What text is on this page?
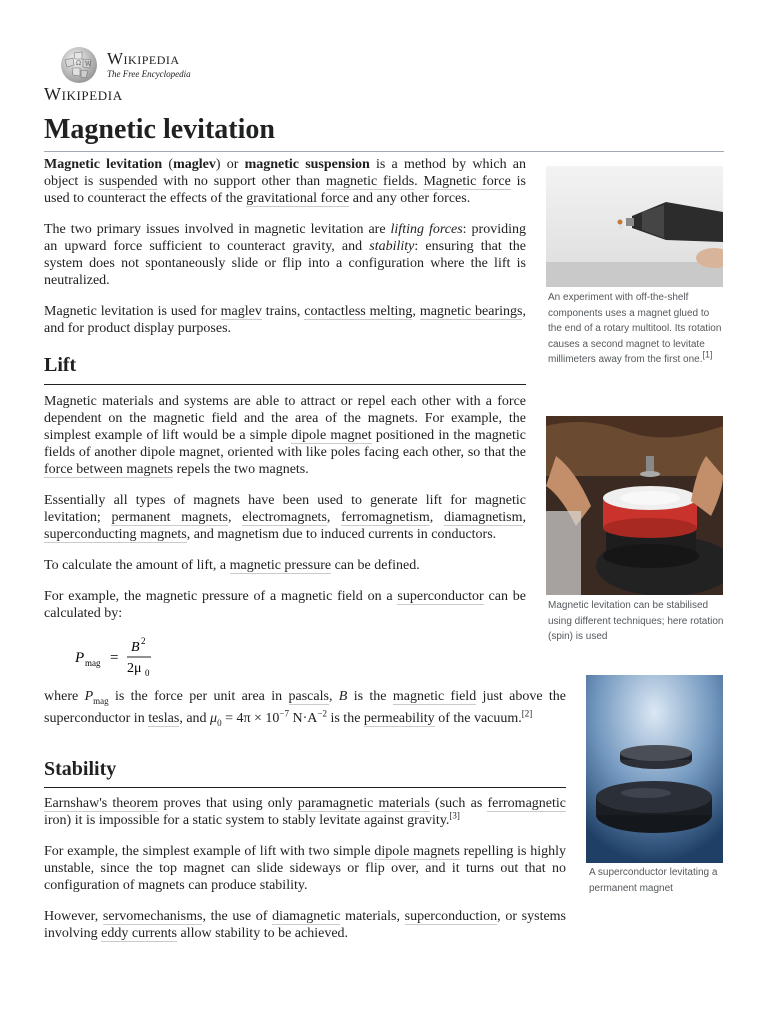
Ω W Wikipedia
The Free Encyclopedia
Wikipedia
Magnetic levitation

Magnetic levitation (maglev) or magnetic suspension is a method by which an object is suspended with no support other than magnetic fields. Magnetic force is used to counteract the effects of the gravitational force and any other forces.

The two primary issues involved in magnetic levitation are lifting forces: providing an upward force sufficient to counteract gravity, and stability: ensuring that the system does not spontaneously slide or flip into a configuration where the lift is neutralized.

Magnetic levitation is used for maglev trains, contactless melting, magnetic bearings, and for product display purposes.

Lift

Magnetic materials and systems are able to attract or repel each other with a force dependent on the magnetic field and the area of the magnets. For example, the simplest example of lift would be a simple dipole magnet positioned in the magnetic fields of another dipole magnet, oriented with like poles facing each other, so that the force between magnets repels the two magnets.

Essentially all types of magnets have been used to generate lift for magnetic levitation; permanent magnets, electromagnets, ferromagnetism, diamagnetism, superconducting magnets, and magnetism due to induced currents in conductors.

To calculate the amount of lift, a magnetic pressure can be defined.

For example, the magnetic pressure of a magnetic field on a superconductor can be calculated by:

P mag =
B 2
2μ 0

where $P_{mag}$ is the force per unit area in pascals, B is the magnetic field just above the superconductor in teslas, and $\mu_0 = 4\pi \times 10^{-7}$ $N\cdot A^{-2}$ is the permeability of the vacuum.[2]

Stability

Earnshaw's theorem proves that using only paramagnetic materials (such as ferromagnetic iron) it is impossible for a static system to stably levitate against gravity.[3]

For example, the simplest example of lift with two simple dipole magnets repelling is highly unstable, since the top magnet can slide sideways or flip over, and it turns out that no configuration of magnets can produce stability.

However, servomechanisms, the use of diamagnetic materials, superconduction, or systems involving eddy currents allow stability to be achieved.

An experiment with off-the-shelf components uses a magnet glued to the end of a rotary multitool. Its rotation causes a second magnet to levitate millimeters away from the first one.[1]
Magnetic levitation can be stabilised using different techniques; here rotation (spin) is used
A superconductor levitating a permanent magnet
